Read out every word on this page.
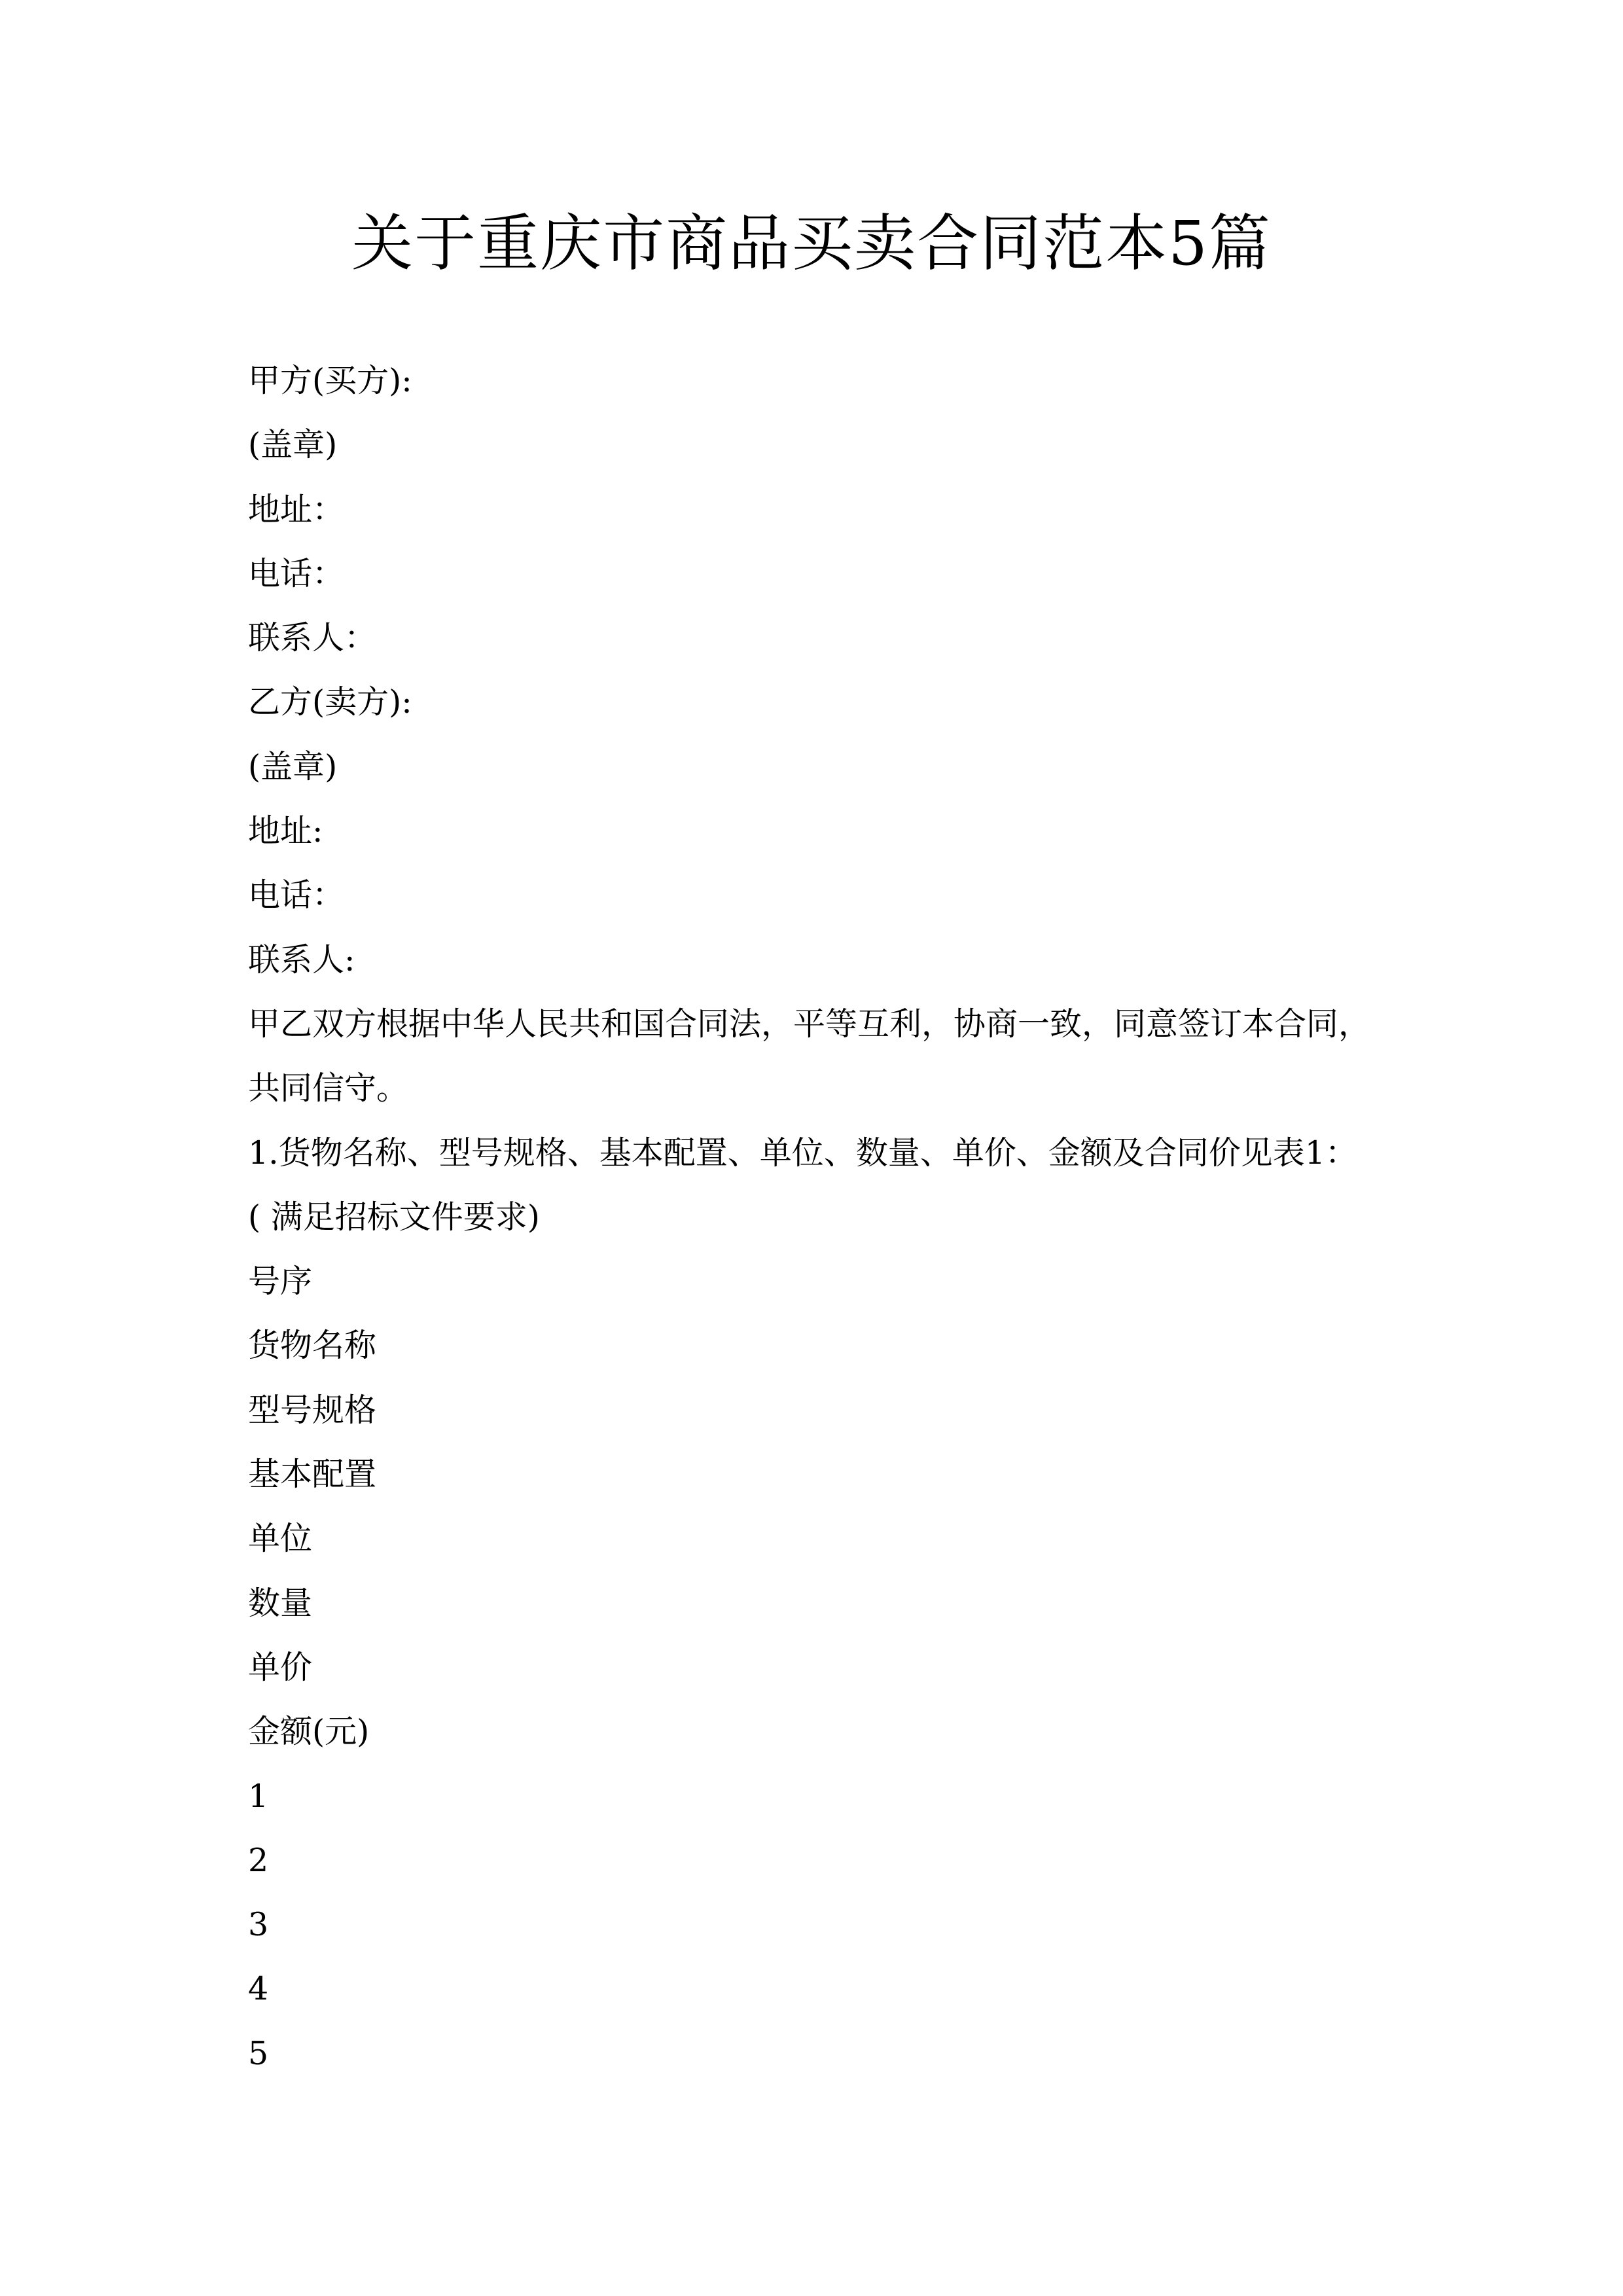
关于重庆市商品买卖合同范本5篇
甲方(买方):
(盖章)
地址：
电话：
联系人：
乙方(卖方):
(盖章)
地址:
电话：
联系人:
甲乙双方根据中华人民共和国合同法，平等互利，协商一致，同意签订本合同，
共同信守。
1.货物名称、型号规格、基本配置、单位、数量、单价、金额及合同价见表1：
( 满足招标文件要求)
号序
货物名称
型号规格
基本配置
单位
数量
单价
金额(元)
1
2
3
4
5
